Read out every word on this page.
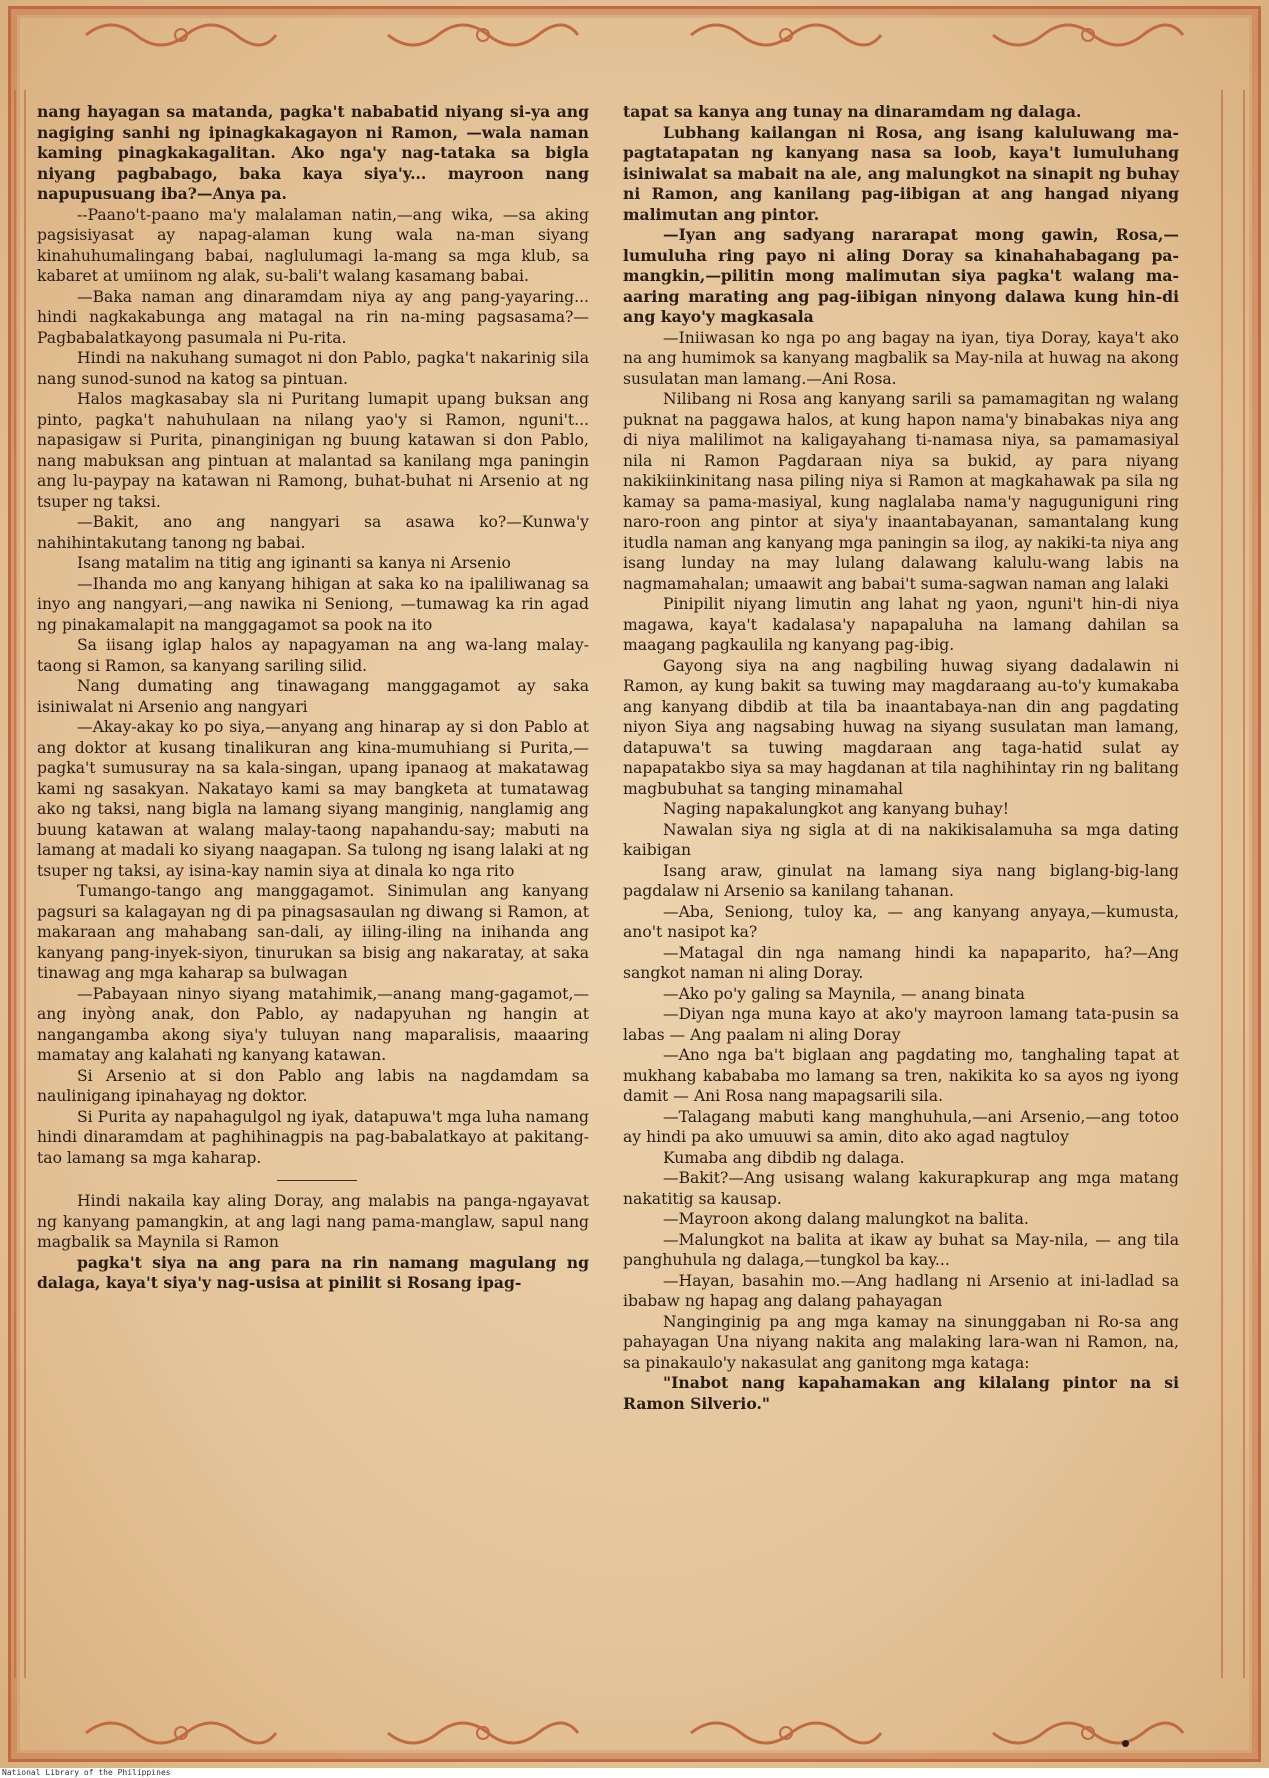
nang hayagan sa matanda, pagka't nababatid niyang si-ya ang nagiging sanhi ng ipinagkakagayon ni Ramon, —wala naman kaming pinagkakagalitan. Ako nga'y nag-tataka sa bigla niyang pagbabago, baka kaya siya'y... mayroon nang napupusuang iba?—Anya pa.

--Paano't-paano ma'y malalaman natin,—ang wika, —sa aking pagsisiyasat ay napag-alaman kung wala na-man siyang kinahuhumalingang babai, naglulumagi la-mang sa mga klub, sa kabaret at umiinom ng alak, su-bali't walang kasamang babai.

—Baka naman ang dinaramdam niya ay ang pang-yayaring... hindi nagkakabunga ang matagal na rin na-ming pagsasama?—Pagbabalatkayong pasumala ni Pu-rita.

Hindi na nakuhang sumagot ni don Pablo, pagka't nakarinig sila nang sunod-sunod na katog sa pintuan.

Halos magkasabay sla ni Puritang lumapit upang buksan ang pinto, pagka't nahuhulaan na nilang yao'y si Ramon, nguni't... napasigaw si Purita, pinanginigan ng buung katawan si don Pablo, nang mabuksan ang pintuan at malantad sa kanilang mga paningin ang lu-paypay na katawan ni Ramong, buhat-buhat ni Arsenio at ng tsuper ng taksi.

—Bakit, ano ang nangyari sa asawa ko?—Kunwa'y nahihintakutang tanong ng babai.

Isang matalim na titig ang iginanti sa kanya ni Arsenio

—Ihanda mo ang kanyang hihigan at saka ko na ipaliliwanag sa inyo ang nangyari,—ang nawika ni Seniong, —tumawag ka rin agad ng pinakamalapit na manggagamot sa pook na ito

Sa iisang iglap halos ay napagyaman na ang wa-lang malay-taong si Ramon, sa kanyang sariling silid.

Nang dumating ang tinawagang manggagamot ay saka isiniwalat ni Arsenio ang nangyari

—Akay-akay ko po siya,—anyang ang hinarap ay si don Pablo at ang doktor at kusang tinalikuran ang kina-mumuhiang si Purita,—pagka't sumusuray na sa kala-singan, upang ipanaog at makatawag kami ng sasakyan. Nakatayo kami sa may bangketa at tumatawag ako ng taksi, nang bigla na lamang siyang manginig, nanglamig ang buung katawan at walang malay-taong napahandu-say; mabuti na lamang at madali ko siyang naagapan. Sa tulong ng isang lalaki at ng tsuper ng taksi, ay isina-kay namin siya at dinala ko nga rito

Tumango-tango ang manggagamot. Sinimulan ang kanyang pagsuri sa kalagayan ng di pa pinagsasaulan ng diwang si Ramon, at makaraan ang mahabang san-dali, ay iiling-iling na inihanda ang kanyang pang-inyek-siyon, tinurukan sa bisig ang nakaratay, at saka tinawag ang mga kaharap sa bulwagan

—Pabayaan ninyo siyang matahimik,—anang mang-gagamot,—ang inyòng anak, don Pablo, ay nadapyuhan ng hangin at nangangamba akong siya'y tuluyan nang maparalisis, maaaring mamatay ang kalahati ng kanyang katawan.

Si Arsenio at si don Pablo ang labis na nagdamdam sa naulinigang ipinahayag ng doktor.

Si Purita ay napahagulgol ng iyak, datapuwa't mga luha namang hindi dinaramdam at paghihinagpis na pag-babalatkayo at pakitang-tao lamang sa mga kaharap.

Hindi nakaila kay aling Doray, ang malabis na panga-ngayavat ng kanyang pamangkin, at ang lagi nang pama-manglaw, sapul nang magbalik sa Maynila si Ramon

pagka't siya na ang para na rin namang magulang ng dalaga, kaya't siya'y nag-usisa at pinilit si Rosang ipag-

tapat sa kanya ang tunay na dinaramdam ng dalaga.

Lubhang kailangan ni Rosa, ang isang kaluluwang ma-pagtatapatan ng kanyang nasa sa loob, kaya't lumuluhang isiniwalat sa mabait na ale, ang malungkot na sinapit ng buhay ni Ramon, ang kanilang pag-iibigan at ang hangad niyang malimutan ang pintor.

—Iyan ang sadyang nararapat mong gawin, Rosa,—lumuluha ring payo ni aling Doray sa kinahahabagang pa-mangkin,—pilitin mong malimutan siya pagka't walang ma-aaring marating ang pag-iibigan ninyong dalawa kung hin-di ang kayo'y magkasala

—Iniiwasan ko nga po ang bagay na iyan, tiya Doray, kaya't ako na ang humimok sa kanyang magbalik sa May-nila at huwag na akong susulatan man lamang.—Ani Rosa.

Nilibang ni Rosa ang kanyang sarili sa pamamagitan ng walang puknat na paggawa halos, at kung hapon nama'y binabakas niya ang di niya malilimot na kaligayahang ti-namasa niya, sa pamamasiyal nila ni Ramon Pagdaraan niya sa bukid, ay para niyang nakikiinkinitang nasa piling niya si Ramon at magkahawak pa sila ng kamay sa pama-masiyal, kung naglalaba nama'y naguguniguni ring naro-roon ang pintor at siya'y inaantabayanan, samantalang kung itudla naman ang kanyang mga paningin sa ilog, ay nakiki-ta niya ang isang lunday na may lulang dalawang kalulu-wang labis na nagmamahalan; umaawit ang babai't suma-sagwan naman ang lalaki

Pinipilit niyang limutin ang lahat ng yaon, nguni't hin-di niya magawa, kaya't kadalasa'y napapaluha na lamang dahilan sa maagang pagkaulila ng kanyang pag-ibig.

Gayong siya na ang nagbiling huwag siyang dadalawin ni Ramon, ay kung bakit sa tuwing may magdaraang au-to'y kumakaba ang kanyang dibdib at tila ba inaantabaya-nan din ang pagdating niyon Siya ang nagsabing huwag na siyang susulatan man lamang, datapuwa't sa tuwing magdaraan ang taga-hatid sulat ay napapatakbo siya sa may hagdanan at tila naghihintay rin ng balitang magbubuhat sa tanging minamahal

Naging napakalungkot ang kanyang buhay!

Nawalan siya ng sigla at di na nakikisalamuha sa mga dating kaibigan

Isang araw, ginulat na lamang siya nang biglang-big-lang pagdalaw ni Arsenio sa kanilang tahanan.

—Aba, Seniong, tuloy ka, — ang kanyang anyaya,—kumusta, ano't nasipot ka?

—Matagal din nga namang hindi ka napaparito, ha?—Ang sangkot naman ni aling Doray.

—Ako po'y galing sa Maynila, — anang binata

—Diyan nga muna kayo at ako'y mayroon lamang tata-pusin sa labas — Ang paalam ni aling Doray

—Ano nga ba't biglaan ang pagdating mo, tanghaling tapat at mukhang kabababa mo lamang sa tren, nakikita ko sa ayos ng iyong damit — Ani Rosa nang mapagsarili sila.

—Talagang mabuti kang manghuhula,—ani Arsenio,—ang totoo ay hindi pa ako umuuwi sa amin, dito ako agad nagtuloy

Kumaba ang dibdib ng dalaga.

—Bakit?—Ang usisang walang kakurapkurap ang mga matang nakatitig sa kausap.

—Mayroon akong dalang malungkot na balita.

—Malungkot na balita at ikaw ay buhat sa May-nila, — ang tila panghuhula ng dalaga,—tungkol ba kay...

—Hayan, basahin mo.—Ang hadlang ni Arsenio at ini-ladlad sa ibabaw ng hapag ang dalang pahayagan

Nanginginig pa ang mga kamay na sinunggaban ni Ro-sa ang pahayagan Una niyang nakita ang malaking lara-wan ni Ramon, na, sa pinakaulo'y nakasulat ang ganitong mga kataga:

"Inabot nang kapahamakan ang kilalang pintor na si Ramon Silverio."

National Library of the Philippines
